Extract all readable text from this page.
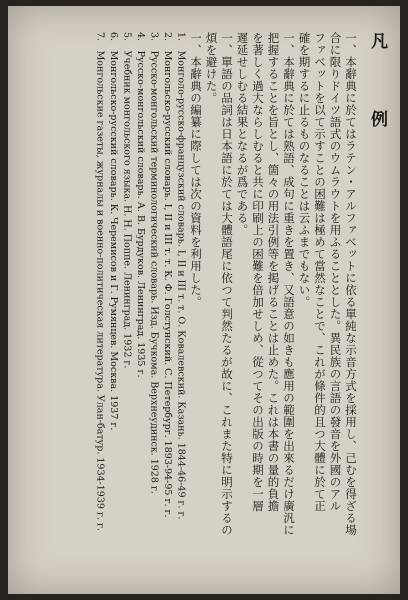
凡　例
一、本辭典に於てはラテン・アルファベットに依る單純な示音方式を採用し、己むを得ざる場
合に限りドイツ語式のウムラウトを用ふることとした。異民族の言語の發音を外國のアル
ファベットを以て示すことの困難は極めて當然なことで、これが條件的且つ大體に於て正
確を期するに止るものなることは云ふまでもない。
一、本辭典に於ては熟語、成句に重きを置き、又語意の如きも應用の範圍を出來るだけ廣汎に
把握することを旨とし、箇々の用法引例等を掲げることは止めた。これは本書の量的負擔
を著しく過大ならしむると共に印刷上の困難を倍加せしめ、從つてその出版の時期を一層
遲延せしむる結果となるが爲である。
一、單語の品詞は日本語に於ては大體語尾に依つて判然たるが故に、これまた特に明示するの
煩を避けた。
一、本辭典の編纂に際しては次の資料を利用した。
1.　Монголо-русско-французский словарь. I, II и III т. т. О. Ковалевский. Казань. 1844-46-49 г. г.
2.　Монгольско-русский словарь. I, II и III т. т. К. Ф. Голстунский. С. Петербург. 1893-94-95 г. г.
3.　Русско-монгольский терминологический словарь. Изд. Бучкома. Верхнеудинск. 1928 г.
4.　Русско-монгольский словарь. А. В. Бурдуков. Ленинград. 1935 г.
5.　Учебник монгольского языка. Н. Н. Поппе. Ленинград. 1932 г.
6.　Монгольско-русский словарь. К. Черемисов и Г. Румянцев. Москва. 1937 г.
7.　Монгольские газеты, журналы и военно-политическая литература. Улан-батур. 1934-1939 г. г.
